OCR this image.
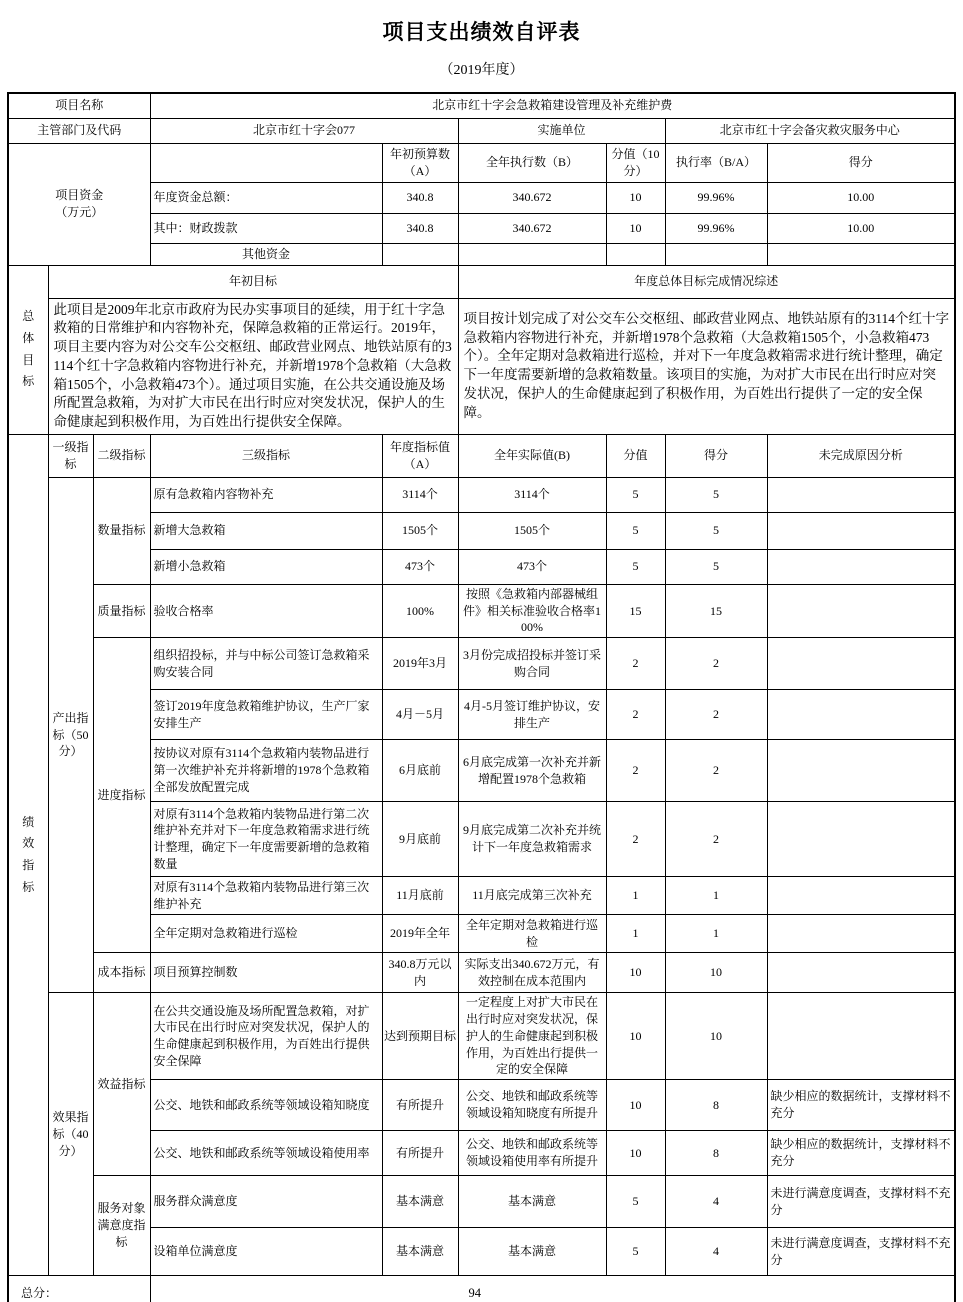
项目支出绩效自评表
（2019年度）
项目名称			北京市红十字会急救箱建设管理及补充维护费					
主管部门及代码			北京市红十字会077		实施单位		北京市红十字会备灾救灾服务中心	

项目资金
（万元）				年初预算数（A）	全年执行数（B）	分值（10分）	执行率（B/A）	得分
			年度资金总额：	340.8	340.672	10	99.96%	10.00
			其中：财政拨款	340.8	340.672	10	99.96%	10.00
			其他资金					
总体目标	年初目标				年度总体目标完成情况综述			
	此项目是2009年北京市政府为民办实事项目的延续，用于红十字急救箱的日常维护和内容物补充，保障急救箱的正常运行。2019年，项目主要内容为对公交车公交枢纽、邮政营业网点、地铁站原有的3114个红十字急救箱内容物进行补充，并新增1978个急救箱（大急救箱1505个，小急救箱473个）。通过项目实施，在公共交通设施及场所配置急救箱，为对扩大市民在出行时应对突发状况，保护人的生命健康起到积极作用，为百姓出行提供安全保障。				项目按计划完成了对公交车公交枢纽、邮政营业网点、地铁站原有的3114个红十字急救箱内容物进行补充，并新增1978个急救箱（大急救箱1505个，小急救箱473个）。全年定期对急救箱进行巡检，并对下一年度急救箱需求进行统计整理，确定下一年度需要新增的急救箱数量。该项目的实施，为对扩大市民在出行时应对突发状况，保护人的生命健康起到了积极作用，为百姓出行提供了一定的安全保障。			
绩效指标	一级指标	二级指标	三级指标	年度指标值（A）	全年实际值(B)	分值	得分	未完成原因分析
	产出指标（50分）	数量指标	原有急救箱内容物补充	3114个	3114个	5	5	
			新增大急救箱	1505个	1505个	5	5	
			新增小急救箱	473个	473个	5	5	
		质量指标	验收合格率	100%	按照《急救箱内部器械组件》相关标准验收合格率100%	15	15	
		进度指标	组织招投标，并与中标公司签订急救箱采购安装合同	2019年3月	3月份完成招投标并签订采购合同	2	2	
			签订2019年度急救箱维护协议，生产厂家安排生产	4月－5月	4月-5月签订维护协议，安排生产	2	2	
			按协议对原有3114个急救箱内装物品进行第一次维护补充并将新增的1978个急救箱全部发放配置完成	6月底前	6月底完成第一次补充并新增配置1978个急救箱	2	2	
			对原有3114个急救箱内装物品进行第二次维护补充并对下一年度急救箱需求进行统计整理，确定下一年度需要新增的急救箱数量	9月底前	9月底完成第二次补充并统计下一年度急救箱需求	2	2	
			对原有3114个急救箱内装物品进行第三次维护补充	11月底前	11月底完成第三次补充	1	1	
			全年定期对急救箱进行巡检	2019年全年	全年定期对急救箱进行巡检	1	1	
		成本指标	项目预算控制数	340.8万元以内	实际支出340.672万元，有效控制在成本范围内	10	10	
	效果指标（40分）	效益指标	在公共交通设施及场所配置急救箱，对扩大市民在出行时应对突发状况，保护人的生命健康起到积极作用，为百姓出行提供安全保障	达到预期目标	一定程度上对扩大市民在出行时应对突发状况，保护人的生命健康起到积极作用，为百姓出行提供一定的安全保障	10	10	
			公交、地铁和邮政系统等领域设箱知晓度	有所提升	公交、地铁和邮政系统等领域设箱知晓度有所提升	10	8	缺少相应的数据统计，支撑材料不充分
			公交、地铁和邮政系统等领域设箱使用率	有所提升	公交、地铁和邮政系统等领域设箱使用率有所提升	10	8	缺少相应的数据统计，支撑材料不充分
		服务对象满意度指标	服务群众满意度	基本满意	基本满意	5	4	未进行满意度调查，支撑材料不充分
			设箱单位满意度	基本满意	基本满意	5	4	未进行满意度调查，支撑材料不充分
总分：			94					
